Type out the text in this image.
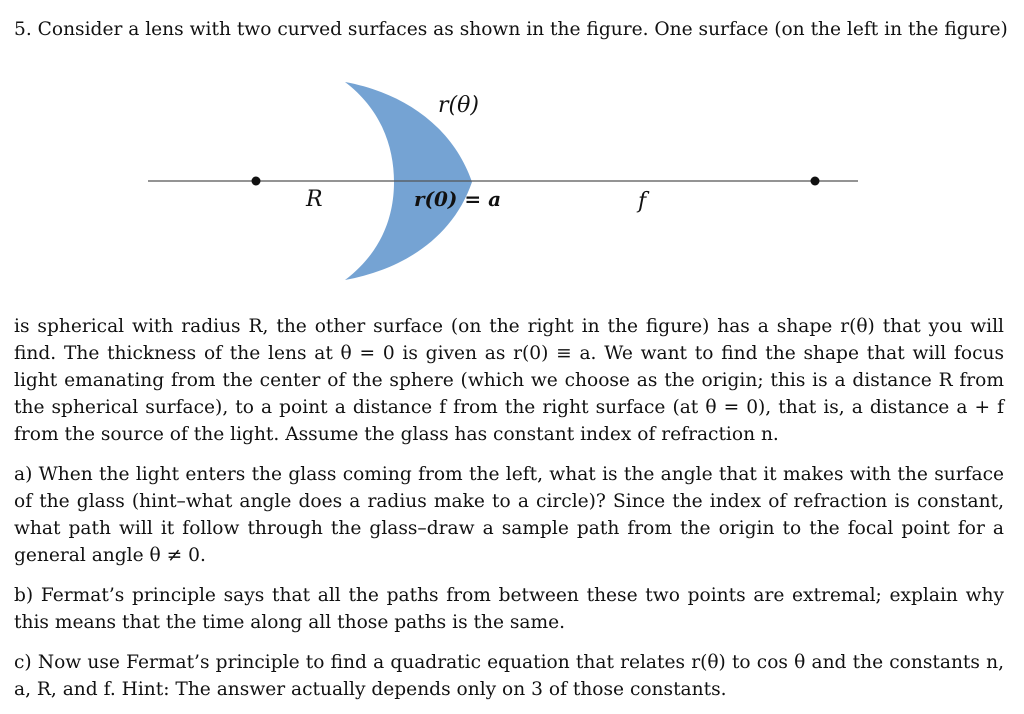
5. Consider a lens with two curved surfaces as shown in the figure. One surface (on the left in the figure)
r(θ)
R	r(0) = a	f
is spherical with radius R, the other surface (on the right in the figure) has a shape r(θ) that you will find. The thickness of the lens at θ = 0 is given as r(0) ≡ a. We want to find the shape that will focus light emanating from the center of the sphere (which we choose as the origin; this is a distance R from the spherical surface), to a point a distance f from the right surface (at θ = 0), that is, a distance a + f from the source of the light. Assume the glass has constant index of refraction n.
a) When the light enters the glass coming from the left, what is the angle that it makes with the surface of the glass (hint–what angle does a radius make to a circle)? Since the index of refraction is constant, what path will it follow through the glass–draw a sample path from the origin to the focal point for a general angle θ ≠ 0.
b) Fermat’s principle says that all the paths from between these two points are extremal; explain why this means that the time along all those paths is the same.
c) Now use Fermat’s principle to find a quadratic equation that relates r(θ) to cos θ and the constants n, a, R, and f. Hint: The answer actually depends only on 3 of those constants.
